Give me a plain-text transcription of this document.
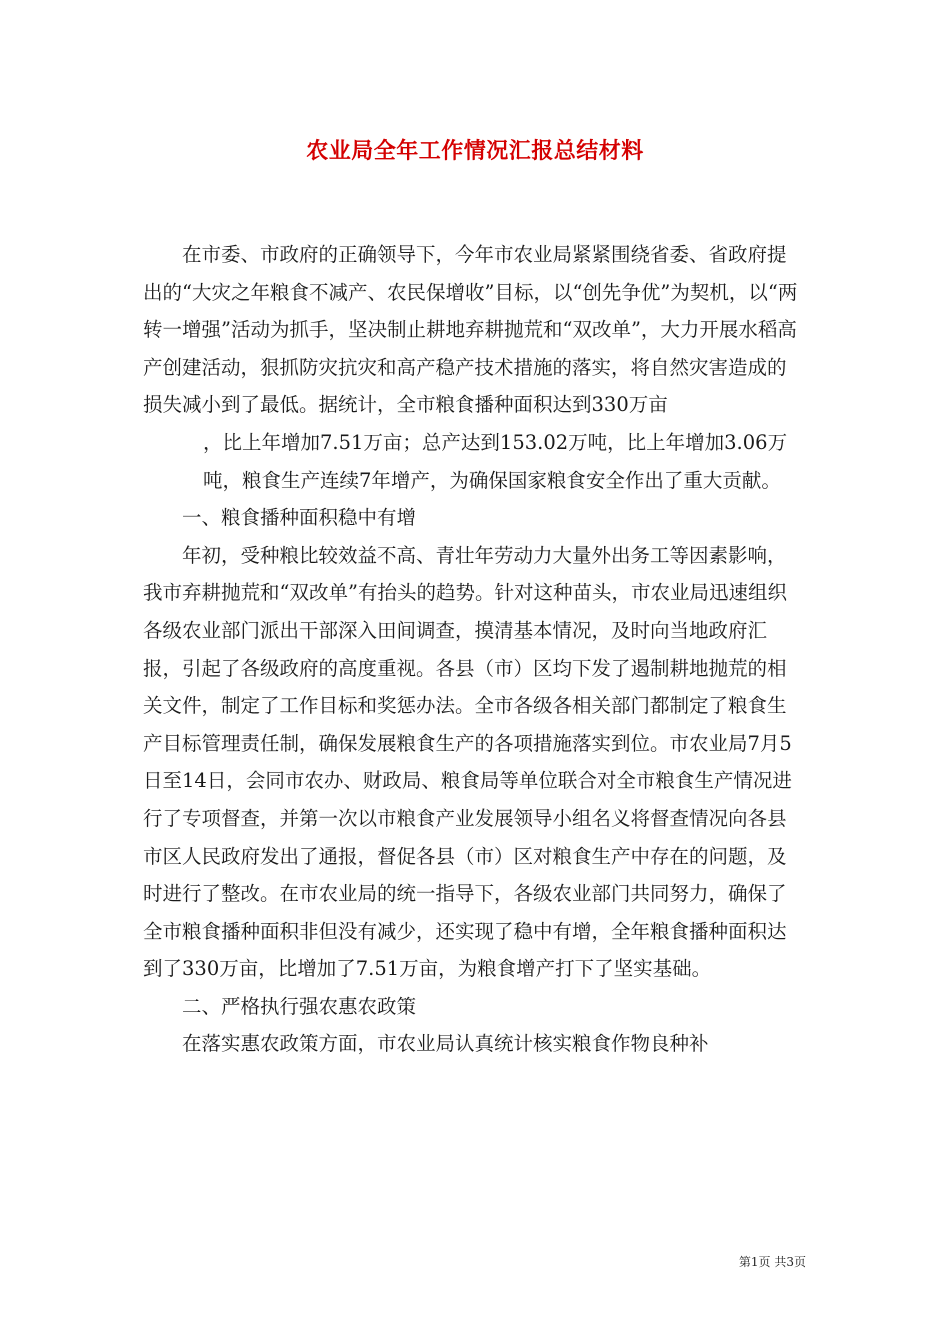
农业局全年工作情况汇报总结材料

在市委、市政府的正确领导下，今年市农业局紧紧围绕省委、省政府提出的“大灾之年粮食不减产、农民保增收”目标，以“创先争优”为契机，以“两转一增强”活动为抓手，坚决制止耕地弃耕抛荒和“双改单”，大力开展水稻高产创建活动，狠抓防灾抗灾和高产稳产技术措施的落实，将自然灾害造成的损失减小到了最低。据统计，全市粮食播种面积达到330万亩
，比上年增加7.51万亩；总产达到153.02万吨，比上年增加3.06万吨，粮食生产连续7年增产，为确保国家粮食安全作出了重大贡献。

一、粮食播种面积稳中有增

年初，受种粮比较效益不高、青壮年劳动力大量外出务工等因素影响，我市弃耕抛荒和“双改单”有抬头的趋势。针对这种苗头，市农业局迅速组织各级农业部门派出干部深入田间调查，摸清基本情况，及时向当地政府汇报，引起了各级政府的高度重视。各县（市）区均下发了遏制耕地抛荒的相关文件，制定了工作目标和奖惩办法。全市各级各相关部门都制定了粮食生产目标管理责任制，确保发展粮食生产的各项措施落实到位。市农业局7月5日至14日，会同市农办、财政局、粮食局等单位联合对全市粮食生产情况进行了专项督查，并第一次以市粮食产业发展领导小组名义将督查情况向各县市区人民政府发出了通报，督促各县（市）区对粮食生产中存在的问题，及时进行了整改。在市农业局的统一指导下，各级农业部门共同努力，确保了全市粮食播种面积非但没有减少，还实现了稳中有增，全年粮食播种面积达到了330万亩，比增加了7.51万亩，为粮食增产打下了坚实基础。

二、严格执行强农惠农政策

在落实惠农政策方面，市农业局认真统计核实粮食作物良种补

第1页 共3页
